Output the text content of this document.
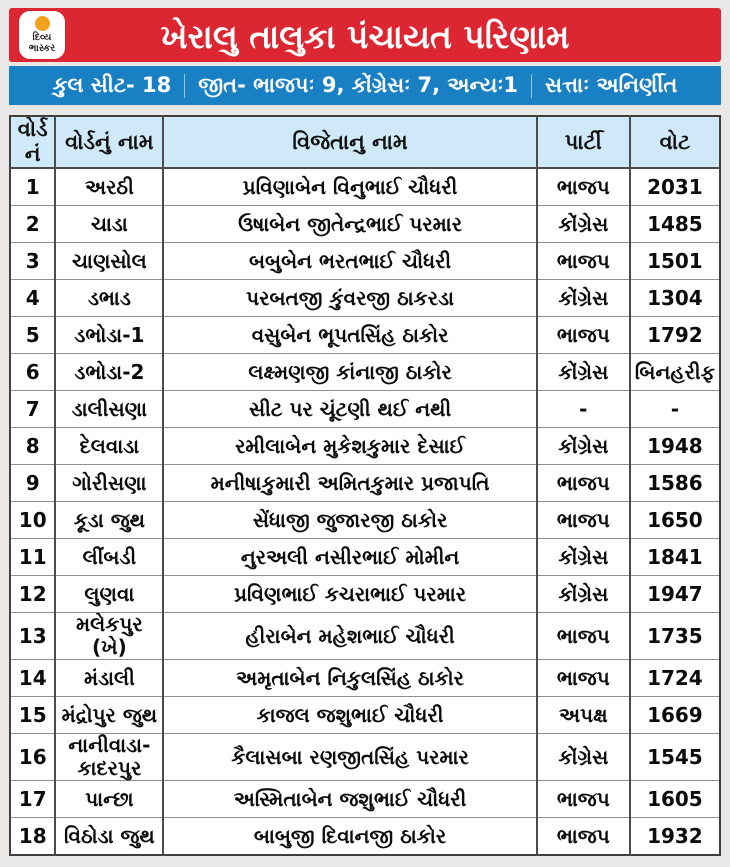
દિવ્ય
ભાસ્કર	ખેરાલુ તાલુકા પંચાયત પરિણામ
કુલ સીટ- 18 જીત- ભાજપઃ 9, કોંગ્રેસઃ 7, અન્યઃ1 સત્તાઃ અનિર્ણીત
વોર્ડ નં	વોર્ડનું નામ	વિજેતાનુ નામ	પાર્ટી	વોટ
1	અરઠી	પ્રવિણાબેન વિનુભાઈ ચૌધરી	ભાજપ	2031
2	ચાડા	ઉષાબેન જીતેન્દ્રભાઈ પરમાર	કોંગ્રેસ	1485
3	ચાણસોલ	બબુબેન ભરતભાઈ ચૌધરી	ભાજપ	1501
4	ડભાડ	પરબતજી કુંવરજી ઠાકરડા	કોંગ્રેસ	1304
5	ડભોડા-1	વસુબેન ભૂપતસિંહ ઠાકોર	ભાજપ	1792
6	ડભોડા-2	લક્ષ્મણજી કાંનાજી ઠાકોર	કોંગ્રેસ	બિનહરીફ
7	ડાલીસણા	સીટ પર ચૂંટણી થઈ નથી	-	-
8	દેલવાડા	રમીલાબેન મુકેશકુમાર દેસાઈ	કોંગ્રેસ	1948
9	ગોરીસણા	મનીષાકુમારી અમિતકુમાર પ્રજાપતિ	ભાજપ	1586
10	કૂડા જુથ	સેંધાજી જુજારજી ઠાકોર	ભાજપ	1650
11	લીંબડી	નુરઅલી નસીરભાઈ મોમીન	કોંગ્રેસ	1841
12	લુણવા	પ્રવિણભાઈ કચરાભાઈ પરમાર	કોંગ્રેસ	1947
13	મલેકપુર (ખે)	હીરાબેન મહેશભાઈ ચૌધરી	ભાજપ	1735
14	મંડાલી	અમૃતાબેન નિકુલસિંહ ઠાકોર	ભાજપ	1724
15	મંદ્રોપુર જુથ	કાજલ જશુભાઈ ચૌધરી	અપક્ષ	1669
16	નાનીવાડા-કાદરપુર	કૈલાસબા રણજીતસિંહ પરમાર	કોંગ્રેસ	1545
17	પાન્છા	અસ્મિતાબેન જશુભાઈ ચૌધરી	ભાજપ	1605
18	વિઠોડા જુથ	બાબુજી દિવાનજી ઠાકોર	ભાજપ	1932
